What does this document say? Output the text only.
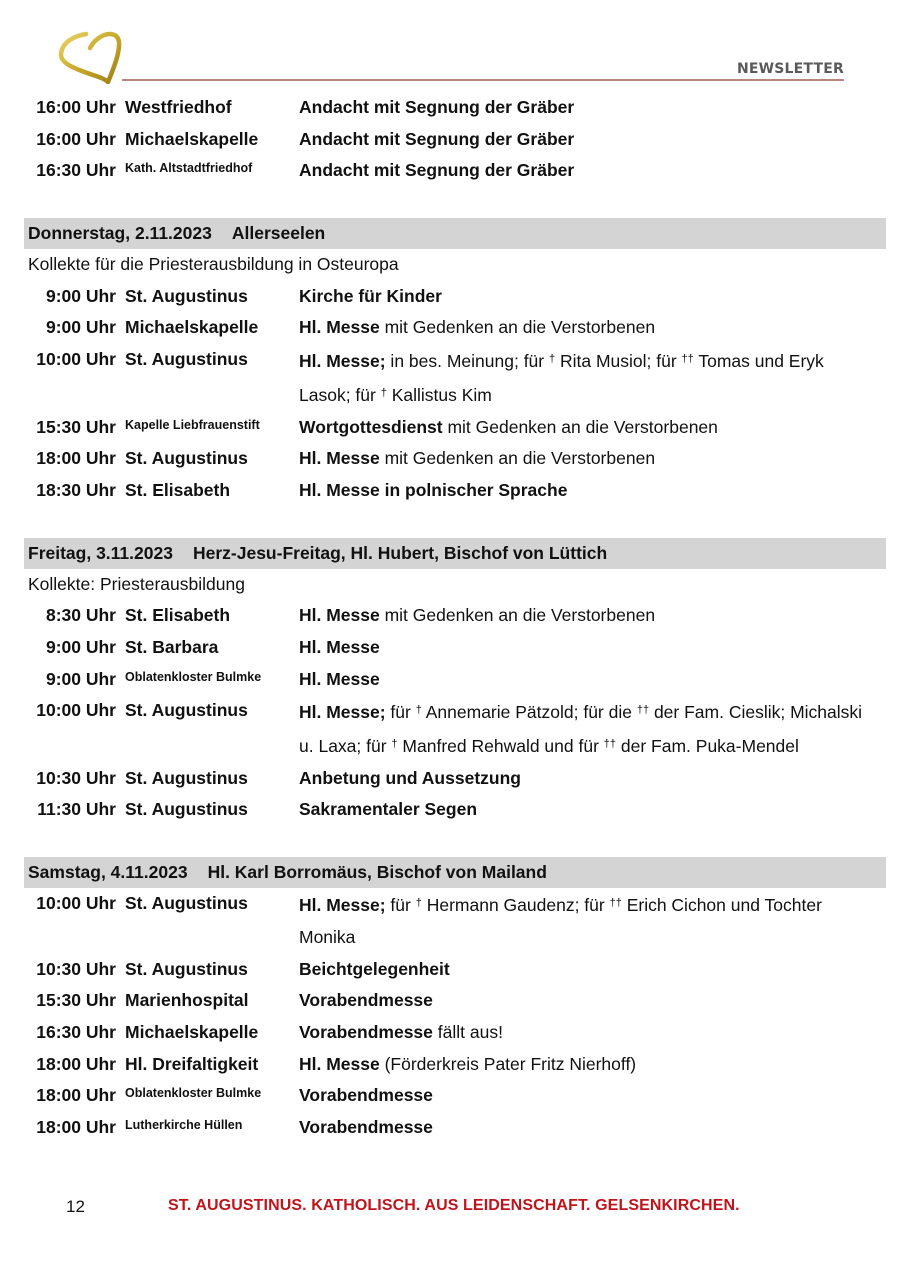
NEWSLETTER
16:00 Uhr Westfriedhof	Andacht mit Segnung der Gräber
16:00 Uhr Michaelskapelle	Andacht mit Segnung der Gräber
16:30 Uhr Kath. Altstadtfriedhof	Andacht mit Segnung der Gräber
Donnerstag, 2.11.2023 Allerseelen
Kollekte für die Priesterausbildung in Osteuropa
9:00 Uhr St. Augustinus	Kirche für Kinder
9:00 Uhr Michaelskapelle	Hl. Messe mit Gedenken an die Verstorbenen
10:00 Uhr St. Augustinus	Hl. Messe; in bes. Meinung; für † Rita Musiol; für †† Tomas und Eryk Lasok; für † Kallistus Kim
15:30 Uhr Kapelle Liebfrauenstift	Wortgottesdienst mit Gedenken an die Verstorbenen
18:00 Uhr St. Augustinus	Hl. Messe mit Gedenken an die Verstorbenen
18:30 Uhr St. Elisabeth	Hl. Messe in polnischer Sprache
Freitag, 3.11.2023 Herz-Jesu-Freitag, Hl. Hubert, Bischof von Lüttich
Kollekte: Priesterausbildung
8:30 Uhr St. Elisabeth	Hl. Messe mit Gedenken an die Verstorbenen
9:00 Uhr St. Barbara	Hl. Messe
9:00 Uhr Oblatenkloster Bulmke	Hl. Messe
10:00 Uhr St. Augustinus	Hl. Messe; für † Annemarie Pätzold; für die †† der Fam. Cieslik; Michalski u. Laxa; für † Manfred Rehwald und für †† der Fam. Puka-Mendel
10:30 Uhr St. Augustinus	Anbetung und Aussetzung
11:30 Uhr St. Augustinus	Sakramentaler Segen
Samstag, 4.11.2023 Hl. Karl Borromäus, Bischof von Mailand
10:00 Uhr St. Augustinus	Hl. Messe; für † Hermann Gaudenz; für †† Erich Cichon und Tochter Monika
10:30 Uhr St. Augustinus	Beichtgelegenheit
15:30 Uhr Marienhospital	Vorabendmesse
16:30 Uhr Michaelskapelle	Vorabendmesse fällt aus!
18:00 Uhr Hl. Dreifaltigkeit	Hl. Messe (Förderkreis Pater Fritz Nierhoff)
18:00 Uhr Oblatenkloster Bulmke	Vorabendmesse
18:00 Uhr Lutherkirche Hüllen	Vorabendmesse
12	ST. AUGUSTINUS. KATHOLISCH. AUS LEIDENSCHAFT. GELSENKIRCHEN.
